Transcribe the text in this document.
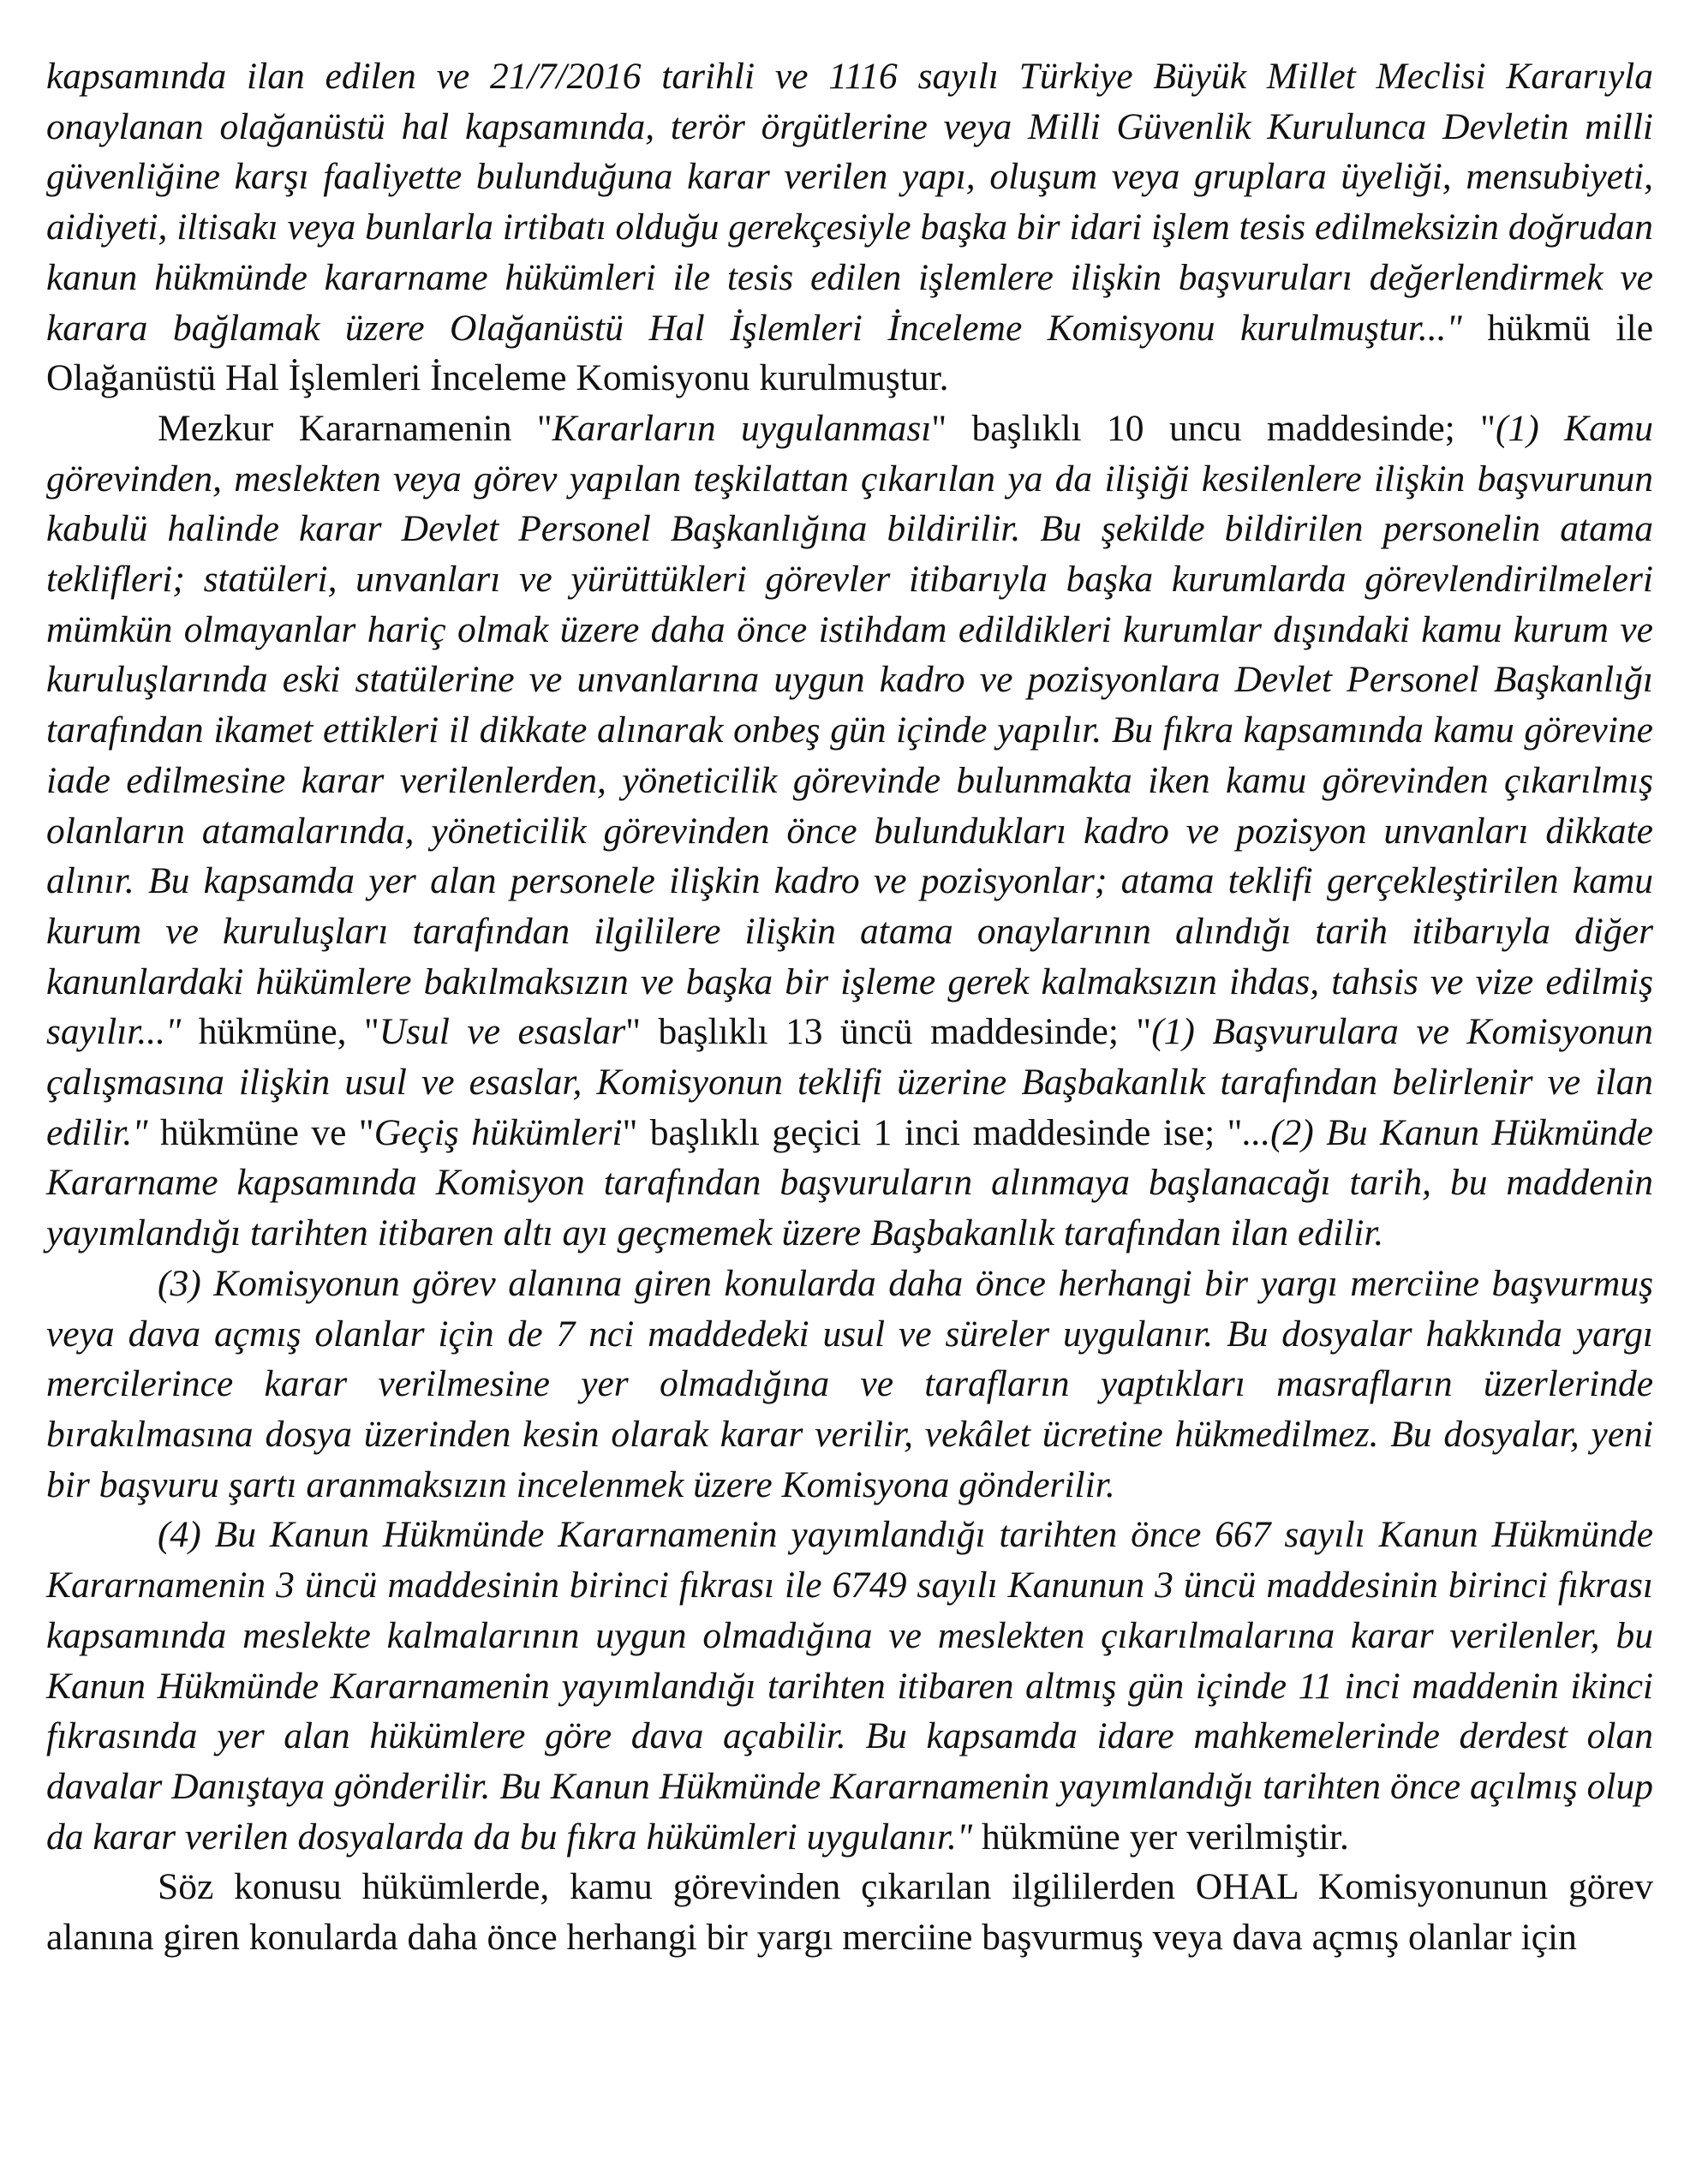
kapsamında ilan edilen ve 21/7/2016 tarihli ve 1116 sayılı Türkiye Büyük Millet Meclisi Kararıyla onaylanan olağanüstü hal kapsamında, terör örgütlerine veya Milli Güvenlik Kurulunca Devletin milli güvenliğine karşı faaliyette bulunduğuna karar verilen yapı, oluşum veya gruplara üyeliği, mensubiyeti, aidiyeti, iltisakı veya bunlarla irtibatı olduğu gerekçesiyle başka bir idari işlem tesis edilmeksizin doğrudan kanun hükmünde kararname hükümleri ile tesis edilen işlemlere ilişkin başvuruları değerlendirmek ve karara bağlamak üzere Olağanüstü Hal İşlemleri İnceleme Komisyonu kurulmuştur..." hükmü ile Olağanüstü Hal İşlemleri İnceleme Komisyonu kurulmuştur.

Mezkur Kararnamenin "Kararların uygulanması" başlıklı 10 uncu maddesinde; "(1) Kamu görevinden, meslekten veya görev yapılan teşkilattan çıkarılan ya da ilişiği kesilenlere ilişkin başvurunun kabulü halinde karar Devlet Personel Başkanlığına bildirilir. Bu şekilde bildirilen personelin atama teklifleri; statüleri, unvanları ve yürüttükleri görevler itibarıyla başka kurumlarda görevlendirilmeleri mümkün olmayanlar hariç olmak üzere daha önce istihdam edildikleri kurumlar dışındaki kamu kurum ve kuruluşlarında eski statülerine ve unvanlarına uygun kadro ve pozisyonlara Devlet Personel Başkanlığı tarafından ikamet ettikleri il dikkate alınarak onbeş gün içinde yapılır. Bu fıkra kapsamında kamu görevine iade edilmesine karar verilenlerden, yöneticilik görevinde bulunmakta iken kamu görevinden çıkarılmış olanların atamalarında, yöneticilik görevinden önce bulundukları kadro ve pozisyon unvanları dikkate alınır. Bu kapsamda yer alan personele ilişkin kadro ve pozisyonlar; atama teklifi gerçekleştirilen kamu kurum ve kuruluşları tarafından ilgililere ilişkin atama onaylarının alındığı tarih itibarıyla diğer kanunlardaki hükümlere bakılmaksızın ve başka bir işleme gerek kalmaksızın ihdas, tahsis ve vize edilmiş sayılır..." hükmüne, "Usul ve esaslar" başlıklı 13 üncü maddesinde; "(1) Başvurulara ve Komisyonun çalışmasına ilişkin usul ve esaslar, Komisyonun teklifi üzerine Başbakanlık tarafından belirlenir ve ilan edilir." hükmüne ve "Geçiş hükümleri" başlıklı geçici 1 inci maddesinde ise; "...(2) Bu Kanun Hükmünde Kararname kapsamında Komisyon tarafından başvuruların alınmaya başlanacağı tarih, bu maddenin yayımlandığı tarihten itibaren altı ayı geçmemek üzere Başbakanlık tarafından ilan edilir.

(3) Komisyonun görev alanına giren konularda daha önce herhangi bir yargı merciine başvurmuş veya dava açmış olanlar için de 7 nci maddedeki usul ve süreler uygulanır. Bu dosyalar hakkında yargı mercilerince karar verilmesine yer olmadığına ve tarafların yaptıkları masrafların üzerlerinde bırakılmasına dosya üzerinden kesin olarak karar verilir, vekâlet ücretine hükmedilmez. Bu dosyalar, yeni bir başvuru şartı aranmaksızın incelenmek üzere Komisyona gönderilir.

(4) Bu Kanun Hükmünde Kararnamenin yayımlandığı tarihten önce 667 sayılı Kanun Hükmünde Kararnamenin 3 üncü maddesinin birinci fıkrası ile 6749 sayılı Kanunun 3 üncü maddesinin birinci fıkrası kapsamında meslekte kalmalarının uygun olmadığına ve meslekten çıkarılmalarına karar verilenler, bu Kanun Hükmünde Kararnamenin yayımlandığı tarihten itibaren altmış gün içinde 11 inci maddenin ikinci fıkrasında yer alan hükümlere göre dava açabilir. Bu kapsamda idare mahkemelerinde derdest olan davalar Danıştaya gönderilir. Bu Kanun Hükmünde Kararnamenin yayımlandığı tarihten önce açılmış olup da karar verilen dosyalarda da bu fıkra hükümleri uygulanır." hükmüne yer verilmiştir.

Söz konusu hükümlerde, kamu görevinden çıkarılan ilgililerden OHAL Komisyonunun görev alanına giren konularda daha önce herhangi bir yargı merciine başvurmuş veya dava açmış olanlar için
